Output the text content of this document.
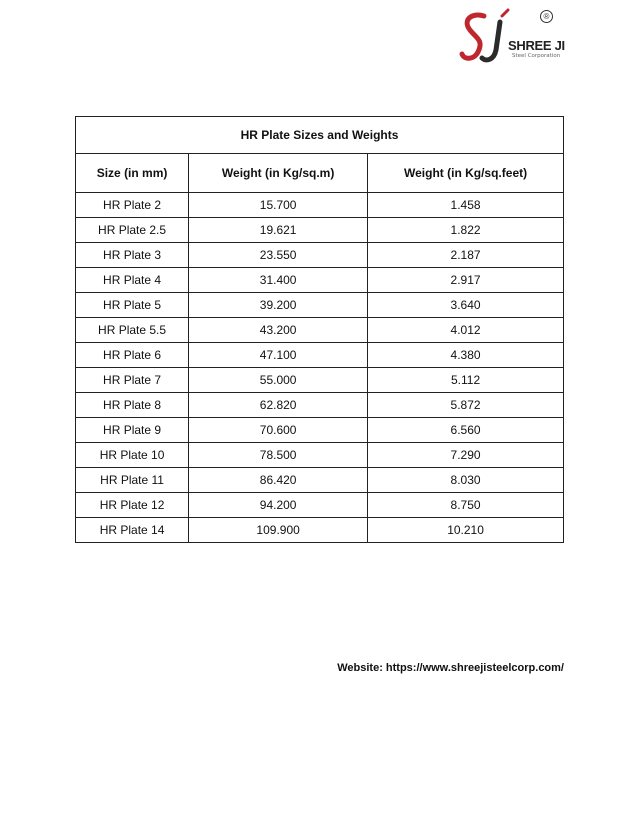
®
SHREE JI
Steel Corporation
HR Plate Sizes and Weights		
Size (in mm)	Weight (in Kg/sq.m)	Weight (in Kg/sq.feet)
HR Plate 2	15.700	1.458
HR Plate 2.5	19.621	1.822
HR Plate 3	23.550	2.187
HR Plate 4	31.400	2.917
HR Plate 5	39.200	3.640
HR Plate 5.5	43.200	4.012
HR Plate 6	47.100	4.380
HR Plate 7	55.000	5.112
HR Plate 8	62.820	5.872
HR Plate 9	70.600	6.560
HR Plate 10	78.500	7.290
HR Plate 11	86.420	8.030
HR Plate 12	94.200	8.750
HR Plate 14	109.900	10.210
Website: https://www.shreejisteelcorp.com/
